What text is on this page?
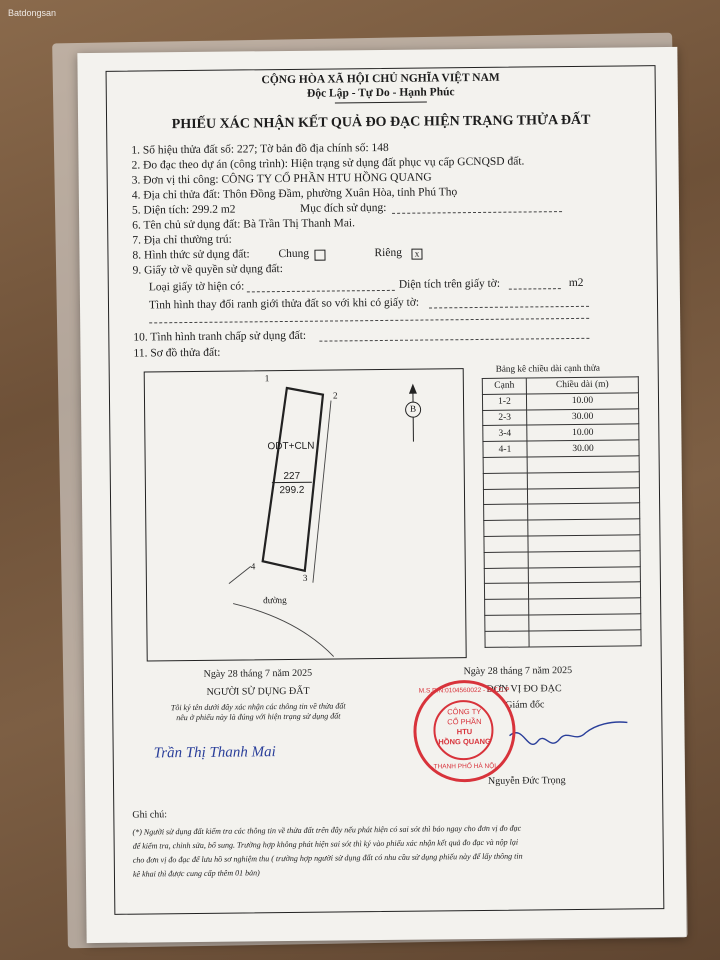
Batdongsan
CỘNG HÒA XÃ HỘI CHỦ NGHĨA VIỆT NAM
Độc Lập - Tự Do - Hạnh Phúc
PHIẾU XÁC NHẬN KẾT QUẢ ĐO ĐẠC HIỆN TRẠNG THỬA ĐẤT
1. Số hiệu thửa đất số: 227; Tờ bản đồ địa chính số: 148
2. Đo đạc theo dự án (công trình): Hiện trạng sử dụng đất phục vụ cấp GCNQSD đất.
3. Đơn vị thi công: CÔNG TY CỔ PHẦN HTU HỒNG QUANG
4. Địa chỉ thửa đất: Thôn Đồng Đầm, phường Xuân Hòa, tỉnh Phú Thọ
5. Diện tích: 299.2 m2	Mục đích sử dụng:
6. Tên chủ sử dụng đất: Bà Trần Thị Thanh Mai.
7. Địa chỉ thường trú:
8. Hình thức sử dụng đất: Chung	Riêng	x
9. Giấy tờ về quyền sử dụng đất:
Loại giấy tờ hiện có:	Diện tích trên giấy tờ:	m2
Tình hình thay đổi ranh giới thửa đất so với khi có giấy tờ:
10. Tình hình tranh chấp sử dụng đất:
11. Sơ đồ thửa đất:
1
2
3
4
B
ODT+CLN
227
299.2
đường
Bảng kê chiều dài cạnh thửa
Cạnh	Chiều dài (m)
1-2	10.00
2-3	30.00
3-4	10.00
4-1	30.00

Ngày 28 tháng 7 năm 2025
NGƯỜI SỬ DỤNG ĐẤT
Tôi ký tên dưới đây xác nhận các thông tin về thửa đất
nêu ở phiếu này là đúng với hiện trạng sử dụng đất
Trần Thị Thanh Mai
Ngày 28 tháng 7 năm 2025
ĐƠN VỊ ĐO ĐẠC
Giám đốc
Nguyễn Đức Trọng
M.S.D.N:0104560022 - C.T.C.P
CÔNG TY
CỔ PHẦN
HTU
HỒNG QUANG
THANH PHỐ HÀ NỘI
Ghi chú:
(*) Người sử dụng đất kiểm tra các thông tin về thửa đất trên đây nếu phát hiện có sai sót thì báo ngay cho đơn vị đo đạc
để kiểm tra, chỉnh sửa, bổ sung. Trường hợp không phát hiện sai sót thì ký vào phiếu xác nhận kết quả đo đạc và nộp lại
cho đơn vị đo đạc để lưu hồ sơ nghiệm thu ( trường hợp người sử dụng đất có nhu cầu sử dụng phiếu này để lấy thông tin
kê khai thì được cung cấp thêm 01 bản)
